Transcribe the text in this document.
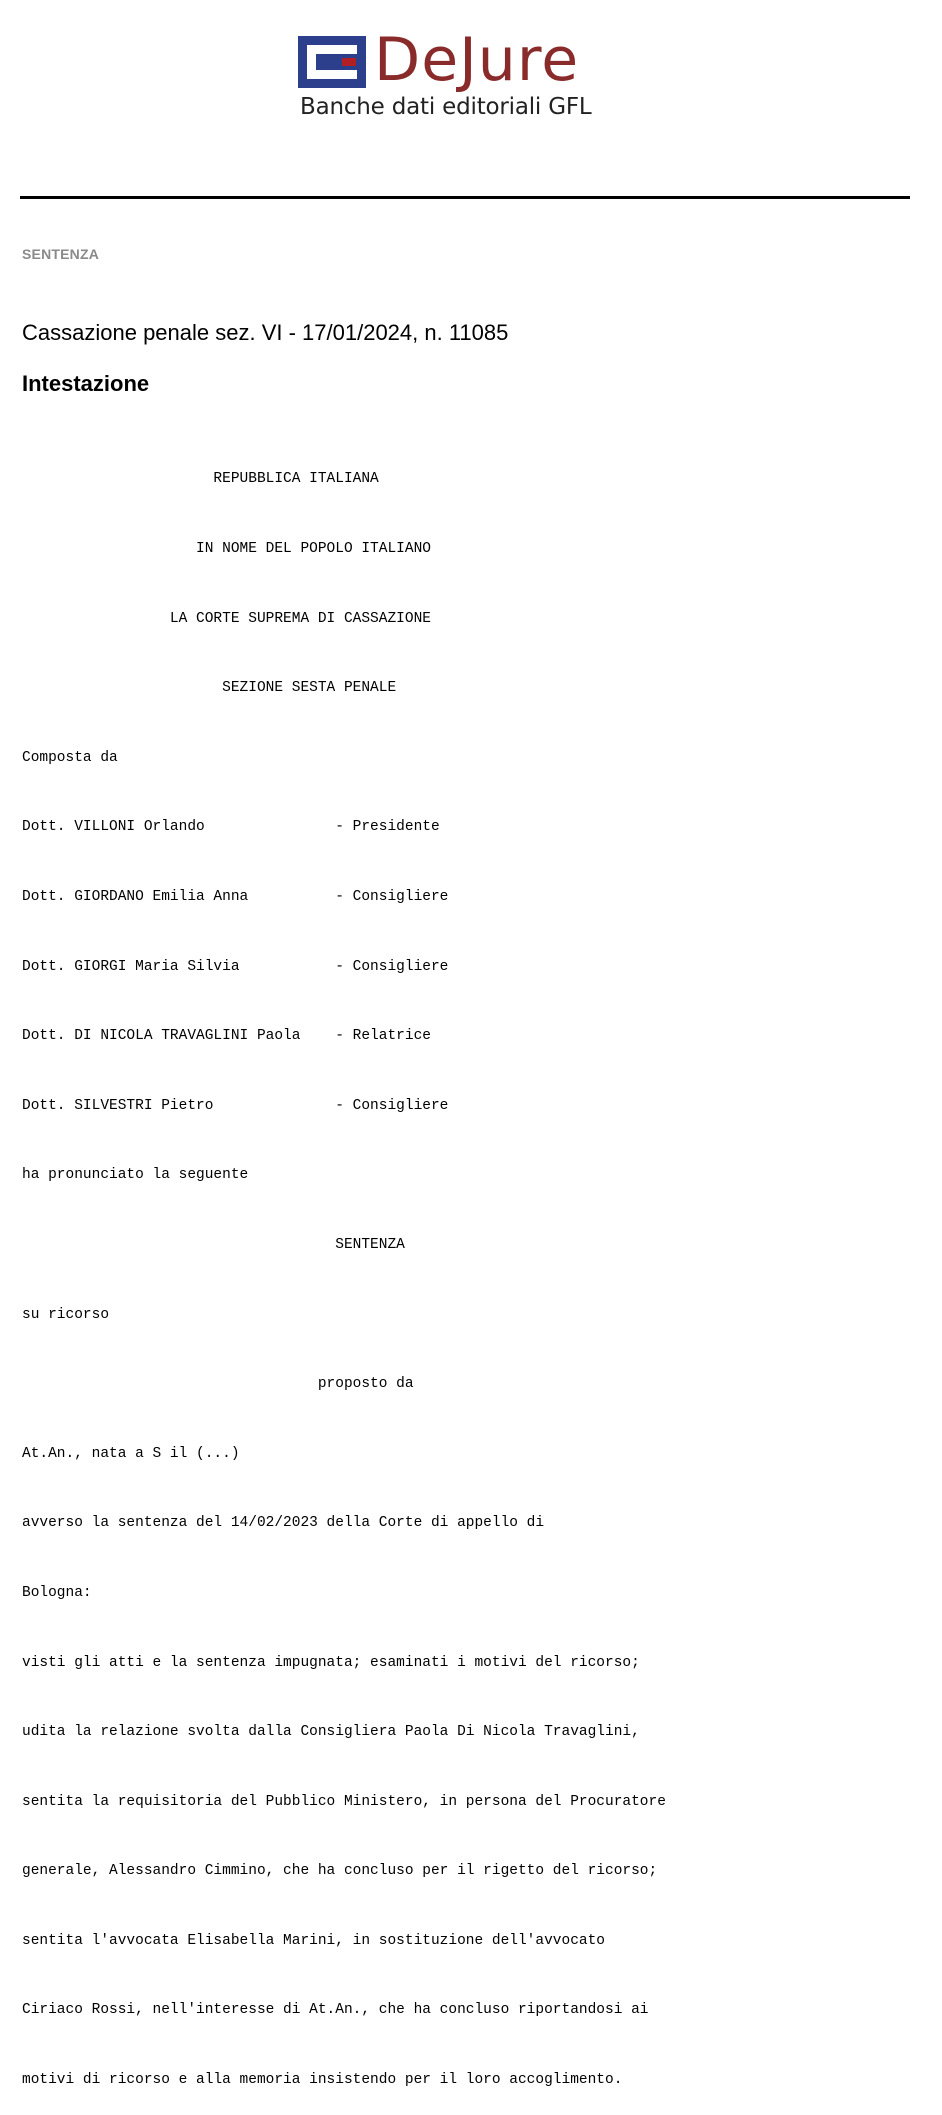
DeJure
Banche dati editoriali GFL
SENTENZA
Cassazione penale sez. VI - 17/01/2024, n. 11085
Intestazione

REPUBBLICA ITALIANA

IN NOME DEL POPOLO ITALIANO

LA CORTE SUPREMA DI CASSAZIONE

SEZIONE SESTA PENALE

Composta da

Dott. VILLONI Orlando               - Presidente

Dott. GIORDANO Emilia Anna          - Consigliere

Dott. GIORGI Maria Silvia           - Consigliere

Dott. DI NICOLA TRAVAGLINI Paola    - Relatrice

Dott. SILVESTRI Pietro              - Consigliere

ha pronunciato la seguente

SENTENZA

su ricorso

proposto da

At.An., nata a S il (...)

avverso la sentenza del 14/02/2023 della Corte di appello di

Bologna:

visti gli atti e la sentenza impugnata; esaminati i motivi del ricorso;

udita la relazione svolta dalla Consigliera Paola Di Nicola Travaglini,

sentita la requisitoria del Pubblico Ministero, in persona del Procuratore

generale, Alessandro Cimmino, che ha concluso per il rigetto del ricorso;

sentita l'avvocata Elisabella Marini, in sostituzione dell'avvocato

Ciriaco Rossi, nell'interesse di At.An., che ha concluso riportandosi ai

motivi di ricorso e alla memoria insistendo per il loro accoglimento.
